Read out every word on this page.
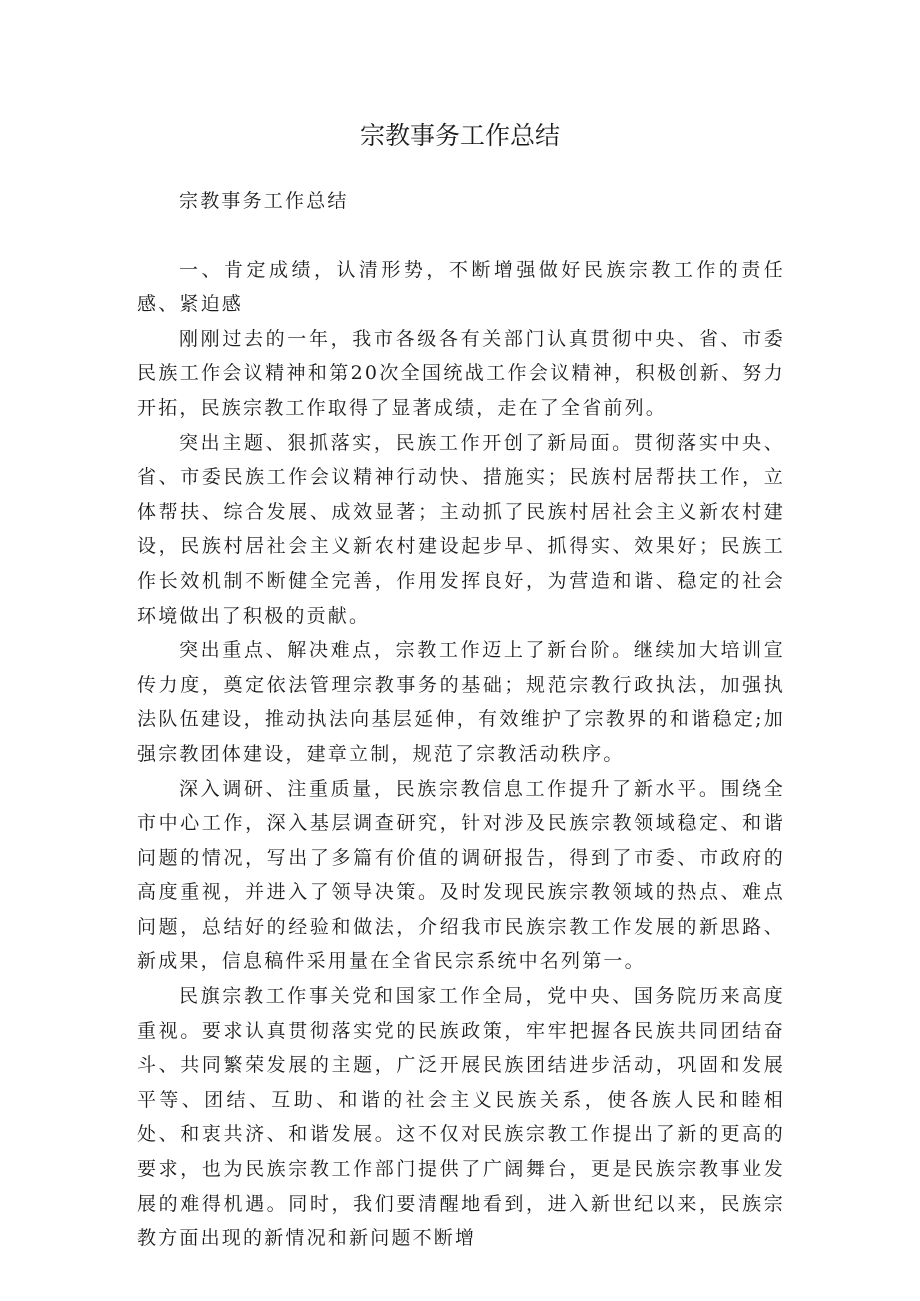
宗教事务工作总结

宗教事务工作总结

一、肯定成绩，认清形势，不断增强做好民族宗教工作的责任感、紧迫感

刚刚过去的一年，我市各级各有关部门认真贯彻中央、省、市委民族工作会议精神和第20次全国统战工作会议精神，积极创新、努力开拓，民族宗教工作取得了显著成绩，走在了全省前列。

突出主题、狠抓落实，民族工作开创了新局面。贯彻落实中央、省、市委民族工作会议精神行动快、措施实；民族村居帮扶工作，立体帮扶、综合发展、成效显著；主动抓了民族村居社会主义新农村建设，民族村居社会主义新农村建设起步早、抓得实、效果好；民族工作长效机制不断健全完善，作用发挥良好，为营造和谐、稳定的社会环境做出了积极的贡献。

突出重点、解决难点，宗教工作迈上了新台阶。继续加大培训宣传力度，奠定依法管理宗教事务的基础；规范宗教行政执法，加强执法队伍建设，推动执法向基层延伸，有效维护了宗教界的和谐稳定;加强宗教团体建设，建章立制，规范了宗教活动秩序。

深入调研、注重质量，民族宗教信息工作提升了新水平。围绕全市中心工作，深入基层调查研究，针对涉及民族宗教领域稳定、和谐问题的情况，写出了多篇有价值的调研报告，得到了市委、市政府的高度重视，并进入了领导决策。及时发现民族宗教领域的热点、难点问题，总结好的经验和做法，介绍我市民族宗教工作发展的新思路、新成果，信息稿件采用量在全省民宗系统中名列第一。

民旗宗教工作事关党和国家工作全局，党中央、国务院历来高度重视。要求认真贯彻落实党的民族政策，牢牢把握各民族共同团结奋斗、共同繁荣发展的主题，广泛开展民族团结进步活动，巩固和发展平等、团结、互助、和谐的社会主义民族关系，使各族人民和睦相处、和衷共济、和谐发展。这不仅对民族宗教工作提出了新的更高的要求，也为民族宗教工作部门提供了广阔舞台，更是民族宗教事业发展的难得机遇。同时，我们要清醒地看到，进入新世纪以来，民族宗教方面出现的新情况和新问题不断增
